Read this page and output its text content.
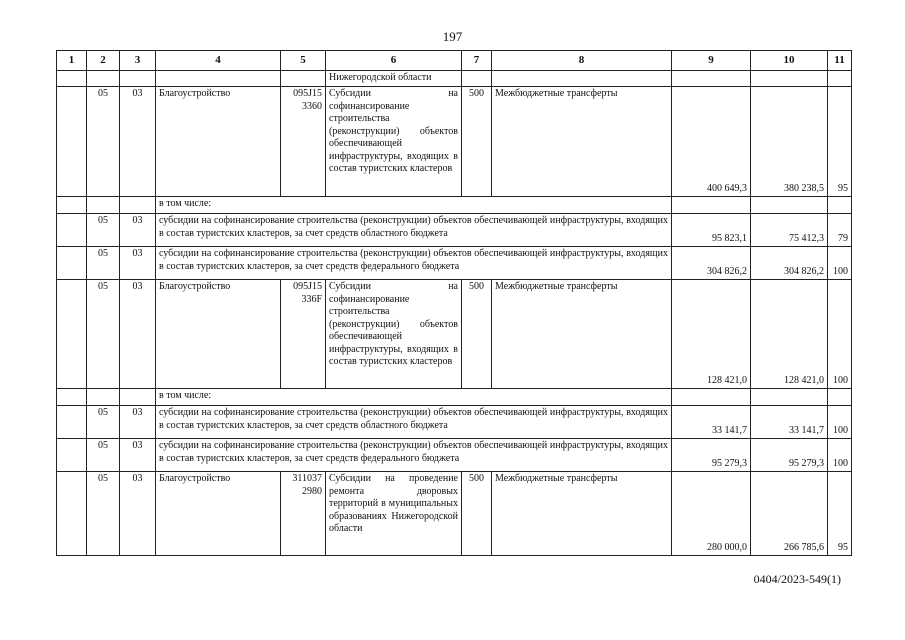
197
1	2	3	4	5	6	7	8	9	10	11
					Нижегородской области					
	05	03	Благоустройство	095J15 3360	Субсидии на софинансирование строительства (реконструкции) объектов обеспечивающей инфраструктуры, входящих в состав туристских кластеров	500	Межбюджетные трансферты	400 649,3	380 238,5	95
			в том числе:							
	05	03	субсидии на софинансирование строительства (реконструкции) объектов обеспечивающей инфраструктуры, входящих в состав туристских кластеров, за счет средств областного бюджета					95 823,1	75 412,3	79
	05	03	субсидии на софинансирование строительства (реконструкции) объектов обеспечивающей инфраструктуры, входящих в состав туристских кластеров, за счет средств федерального бюджета					304 826,2	304 826,2	100
	05	03	Благоустройство	095J15 336F	Субсидии на софинансирование строительства (реконструкции) объектов обеспечивающей инфраструктуры, входящих в состав туристских кластеров	500	Межбюджетные трансферты	128 421,0	128 421,0	100
			в том числе:							
	05	03	субсидии на софинансирование строительства (реконструкции) объектов обеспечивающей инфраструктуры, входящих в состав туристских кластеров, за счет средств областного бюджета					33 141,7	33 141,7	100
	05	03	субсидии на софинансирование строительства (реконструкции) объектов обеспечивающей инфраструктуры, входящих в состав туристских кластеров, за счет средств федерального бюджета					95 279,3	95 279,3	100
	05	03	Благоустройство	311037 2980	Субсидии на проведение ремонта дворовых территорий в муниципальных образованиях Нижегородской области	500	Межбюджетные трансферты	280 000,0	266 785,6	95
0404/2023-549(1)
